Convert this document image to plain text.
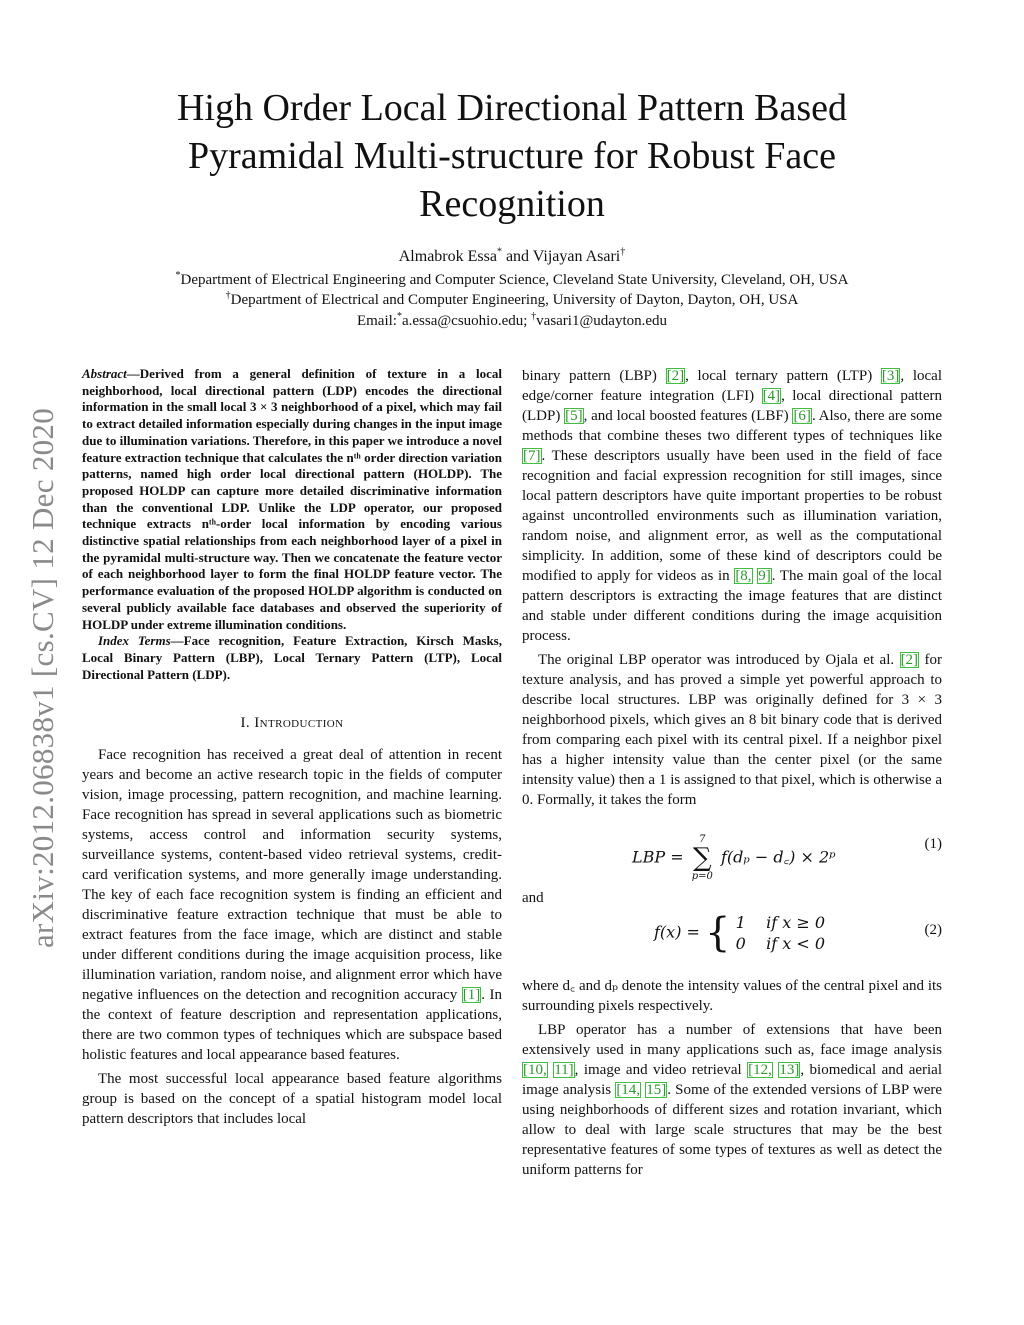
High Order Local Directional Pattern Based Pyramidal Multi-structure for Robust Face Recognition
Almabrok Essa* and Vijayan Asari†
*Department of Electrical Engineering and Computer Science, Cleveland State University, Cleveland, OH, USA
†Department of Electrical and Computer Engineering, University of Dayton, Dayton, OH, USA
Email:*a.essa@csuohio.edu; †vasari1@udayton.edu
arXiv:2012.06838v1 [cs.CV] 12 Dec 2020

Abstract—Derived from a general definition of texture in a local neighborhood, local directional pattern (LDP) encodes the directional information in the small local 3 × 3 neighborhood of a pixel, which may fail to extract detailed information especially during changes in the input image due to illumination variations. Therefore, in this paper we introduce a novel feature extraction technique that calculates the nᵗʰ order direction variation patterns, named high order local directional pattern (HOLDP). The proposed HOLDP can capture more detailed discriminative information than the conventional LDP. Unlike the LDP operator, our proposed technique extracts nᵗʰ-order local information by encoding various distinctive spatial relationships from each neighborhood layer of a pixel in the pyramidal multi-structure way. Then we concatenate the feature vector of each neighborhood layer to form the final HOLDP feature vector. The performance evaluation of the proposed HOLDP algorithm is conducted on several publicly available face databases and observed the superiority of HOLDP under extreme illumination conditions.

Index Terms—Face recognition, Feature Extraction, Kirsch Masks, Local Binary Pattern (LBP), Local Ternary Pattern (LTP), Local Directional Pattern (LDP).

I. Introduction

Face recognition has received a great deal of attention in recent years and become an active research topic in the fields of computer vision, image processing, pattern recognition, and machine learning. Face recognition has spread in several applications such as biometric systems, access control and information security systems, surveillance systems, content-based video retrieval systems, credit-card verification systems, and more generally image understanding. The key of each face recognition system is finding an efficient and discriminative feature extraction technique that must be able to extract features from the face image, which are distinct and stable under different conditions during the image acquisition process, like illumination variation, random noise, and alignment error which have negative influences on the detection and recognition accuracy [1]. In the context of feature description and representation applications, there are two common types of techniques which are subspace based holistic features and local appearance based features.

The most successful local appearance based feature algorithms group is based on the concept of a spatial histogram model local pattern descriptors that includes local

binary pattern (LBP) [2], local ternary pattern (LTP) [3], local edge/corner feature integration (LFI) [4], local directional pattern (LDP) [5], and local boosted features (LBF) [6]. Also, there are some methods that combine theses two different types of techniques like [7]. These descriptors usually have been used in the field of face recognition and facial expression recognition for still images, since local pattern descriptors have quite important properties to be robust against uncontrolled environments such as illumination variation, random noise, and alignment error, as well as the computational simplicity. In addition, some of these kind of descriptors could be modified to apply for videos as in [8, 9]. The main goal of the local pattern descriptors is extracting the image features that are distinct and stable under different conditions during the image acquisition process.

The original LBP operator was introduced by Ojala et al. [2] for texture analysis, and has proved a simple yet powerful approach to describe local structures. LBP was originally defined for 3 × 3 neighborhood pixels, which gives an 8 bit binary code that is derived from comparing each pixel with its central pixel. If a neighbor pixel has a higher intensity value than the center pixel (or the same intensity value) then a 1 is assigned to that pixel, which is otherwise a 0. Formally, it takes the form

LBP =
7
∑
p=0
f(dₚ − d꜀) × 2ᵖ
(1)

and

f(x) = { 1    if x ≥ 0
0    if x < 0
(2)

where d꜀ and dₚ denote the intensity values of the central pixel and its surrounding pixels respectively.

LBP operator has a number of extensions that have been extensively used in many applications such as, face image analysis [10, 11], image and video retrieval [12, 13], biomedical and aerial image analysis [14, 15]. Some of the extended versions of LBP were using neighborhoods of different sizes and rotation invariant, which allow to deal with large scale structures that may be the best representative features of some types of textures as well as detect the uniform patterns for
